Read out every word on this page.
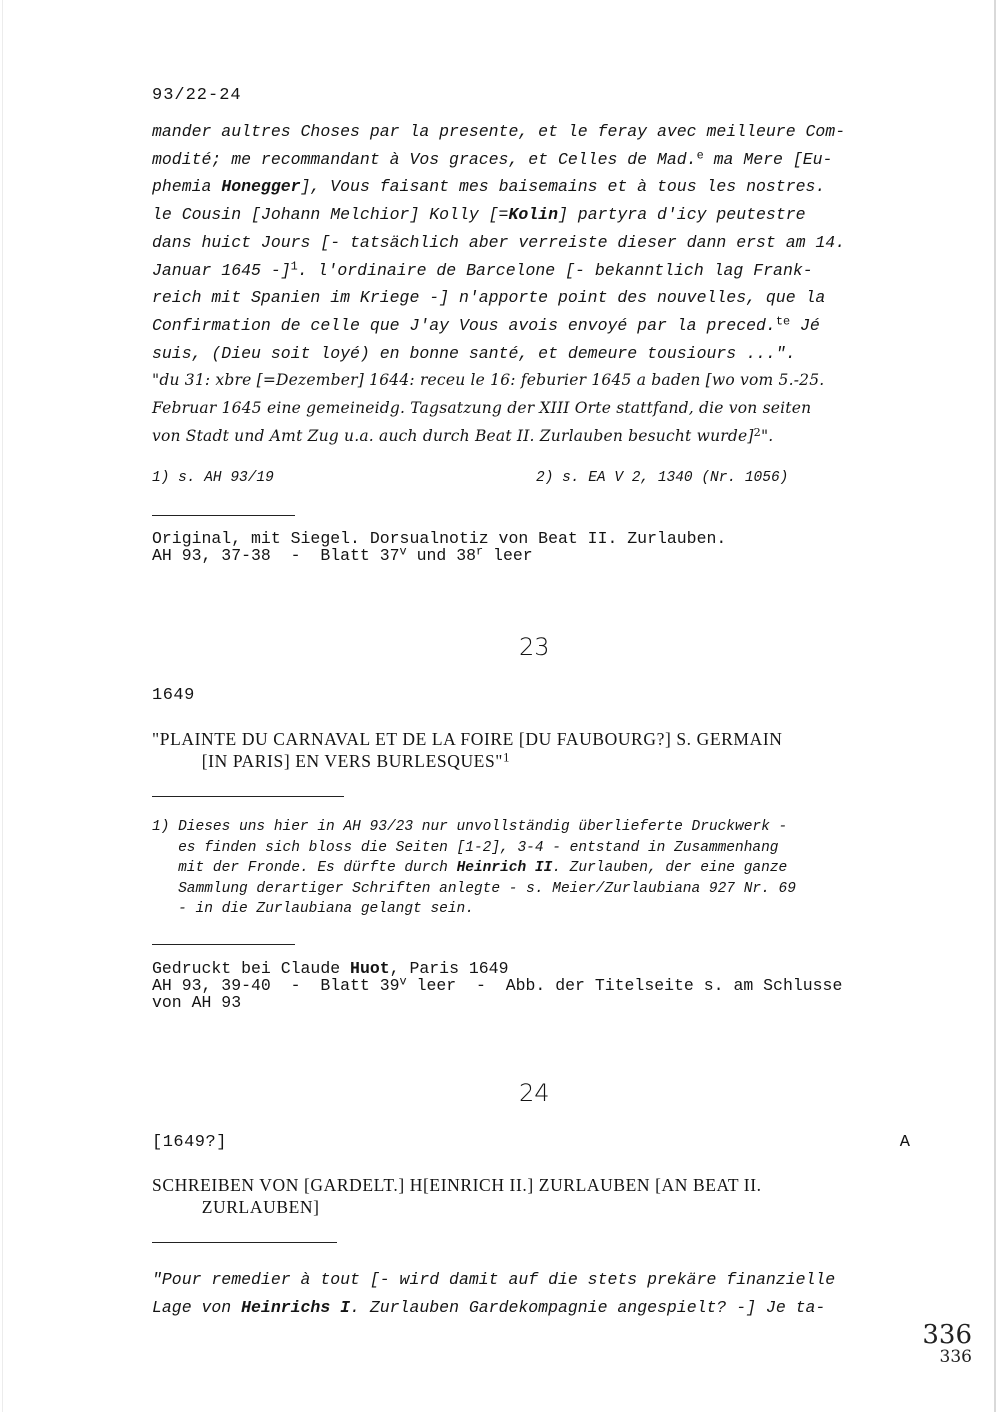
93/22-24

mander aultres Choses par la presente, et le feray avec meilleure Com-
modité; me recommandant à Vos graces, et Celles de Mad.$^e$ ma Mere [Eu-
phemia Honegger], Vous faisant mes baisemains et à tous les nostres.
le Cousin [Johann Melchior] Kolly [=Kolin] partyra d'icy peutestre
dans huict Jours [- tatsächlich aber verreiste dieser dann erst am 14.
Januar 1645 -]$^1$. l'ordinaire de Barcelone [- bekanntlich lag Frank-
reich mit Spanien im Kriege -] n'apporte point des nouvelles, que la
Confirmation de celle que J'ay Vous avois envoyé par la preced.$^{te}$ Jé
suis, (Dieu soit loyé) en bonne santé, et demeure tousiours ...".
"du 31: xbre [=Dezember] 1644: receu le 16: feburier 1645 a baden [wo vom 5.-25.
Februar 1645 eine gemeineidg. Tagsatzung der XIII Orte stattfand, die von seiten
von Stadt und Amt Zug u.a. auch durch Beat II. Zurlauben besucht wurde]$^2$".

1) s. AH 93/19	2) s. EA V 2, 1340 (Nr. 1056)

Original, mit Siegel. Dorsualnotiz von Beat II. Zurlauben.
AH 93, 37-38  -  Blatt 37$^v$ und 38$^r$ leer

23

1649

"PLAINTE DU CARNAVAL ET DE LA FOIRE [DU FAUBOURG?] S. GERMAIN
[IN PARIS] EN VERS BURLESQUES"$^1$
1) Dieses uns hier in AH 93/23 nur unvollständig überlieferte Druckwerk -
es finden sich bloss die Seiten [1-2], 3-4 - entstand in Zusammenhang
mit der Fronde. Es dürfte durch Heinrich II. Zurlauben, der eine ganze
Sammlung derartiger Schriften anlegte - s. Meier/Zurlaubiana 927 Nr. 69
- in die Zurlaubiana gelangt sein.
Gedruckt bei Claude Huot, Paris 1649
AH 93, 39-40  -  Blatt 39$^v$ leer  -  Abb. der Titelseite s. am Schlusse
von AH 93

24

[1649?]	A

SCHREIBEN VON [GARDELT.] H[EINRICH II.] ZURLAUBEN [AN BEAT II.
ZURLAUBEN]
"Pour remedier à tout [- wird damit auf die stets prekäre finanzielle
Lage von Heinrichs I. Zurlauben Gardekompagnie angespielt? -] Je ta-
336
336
